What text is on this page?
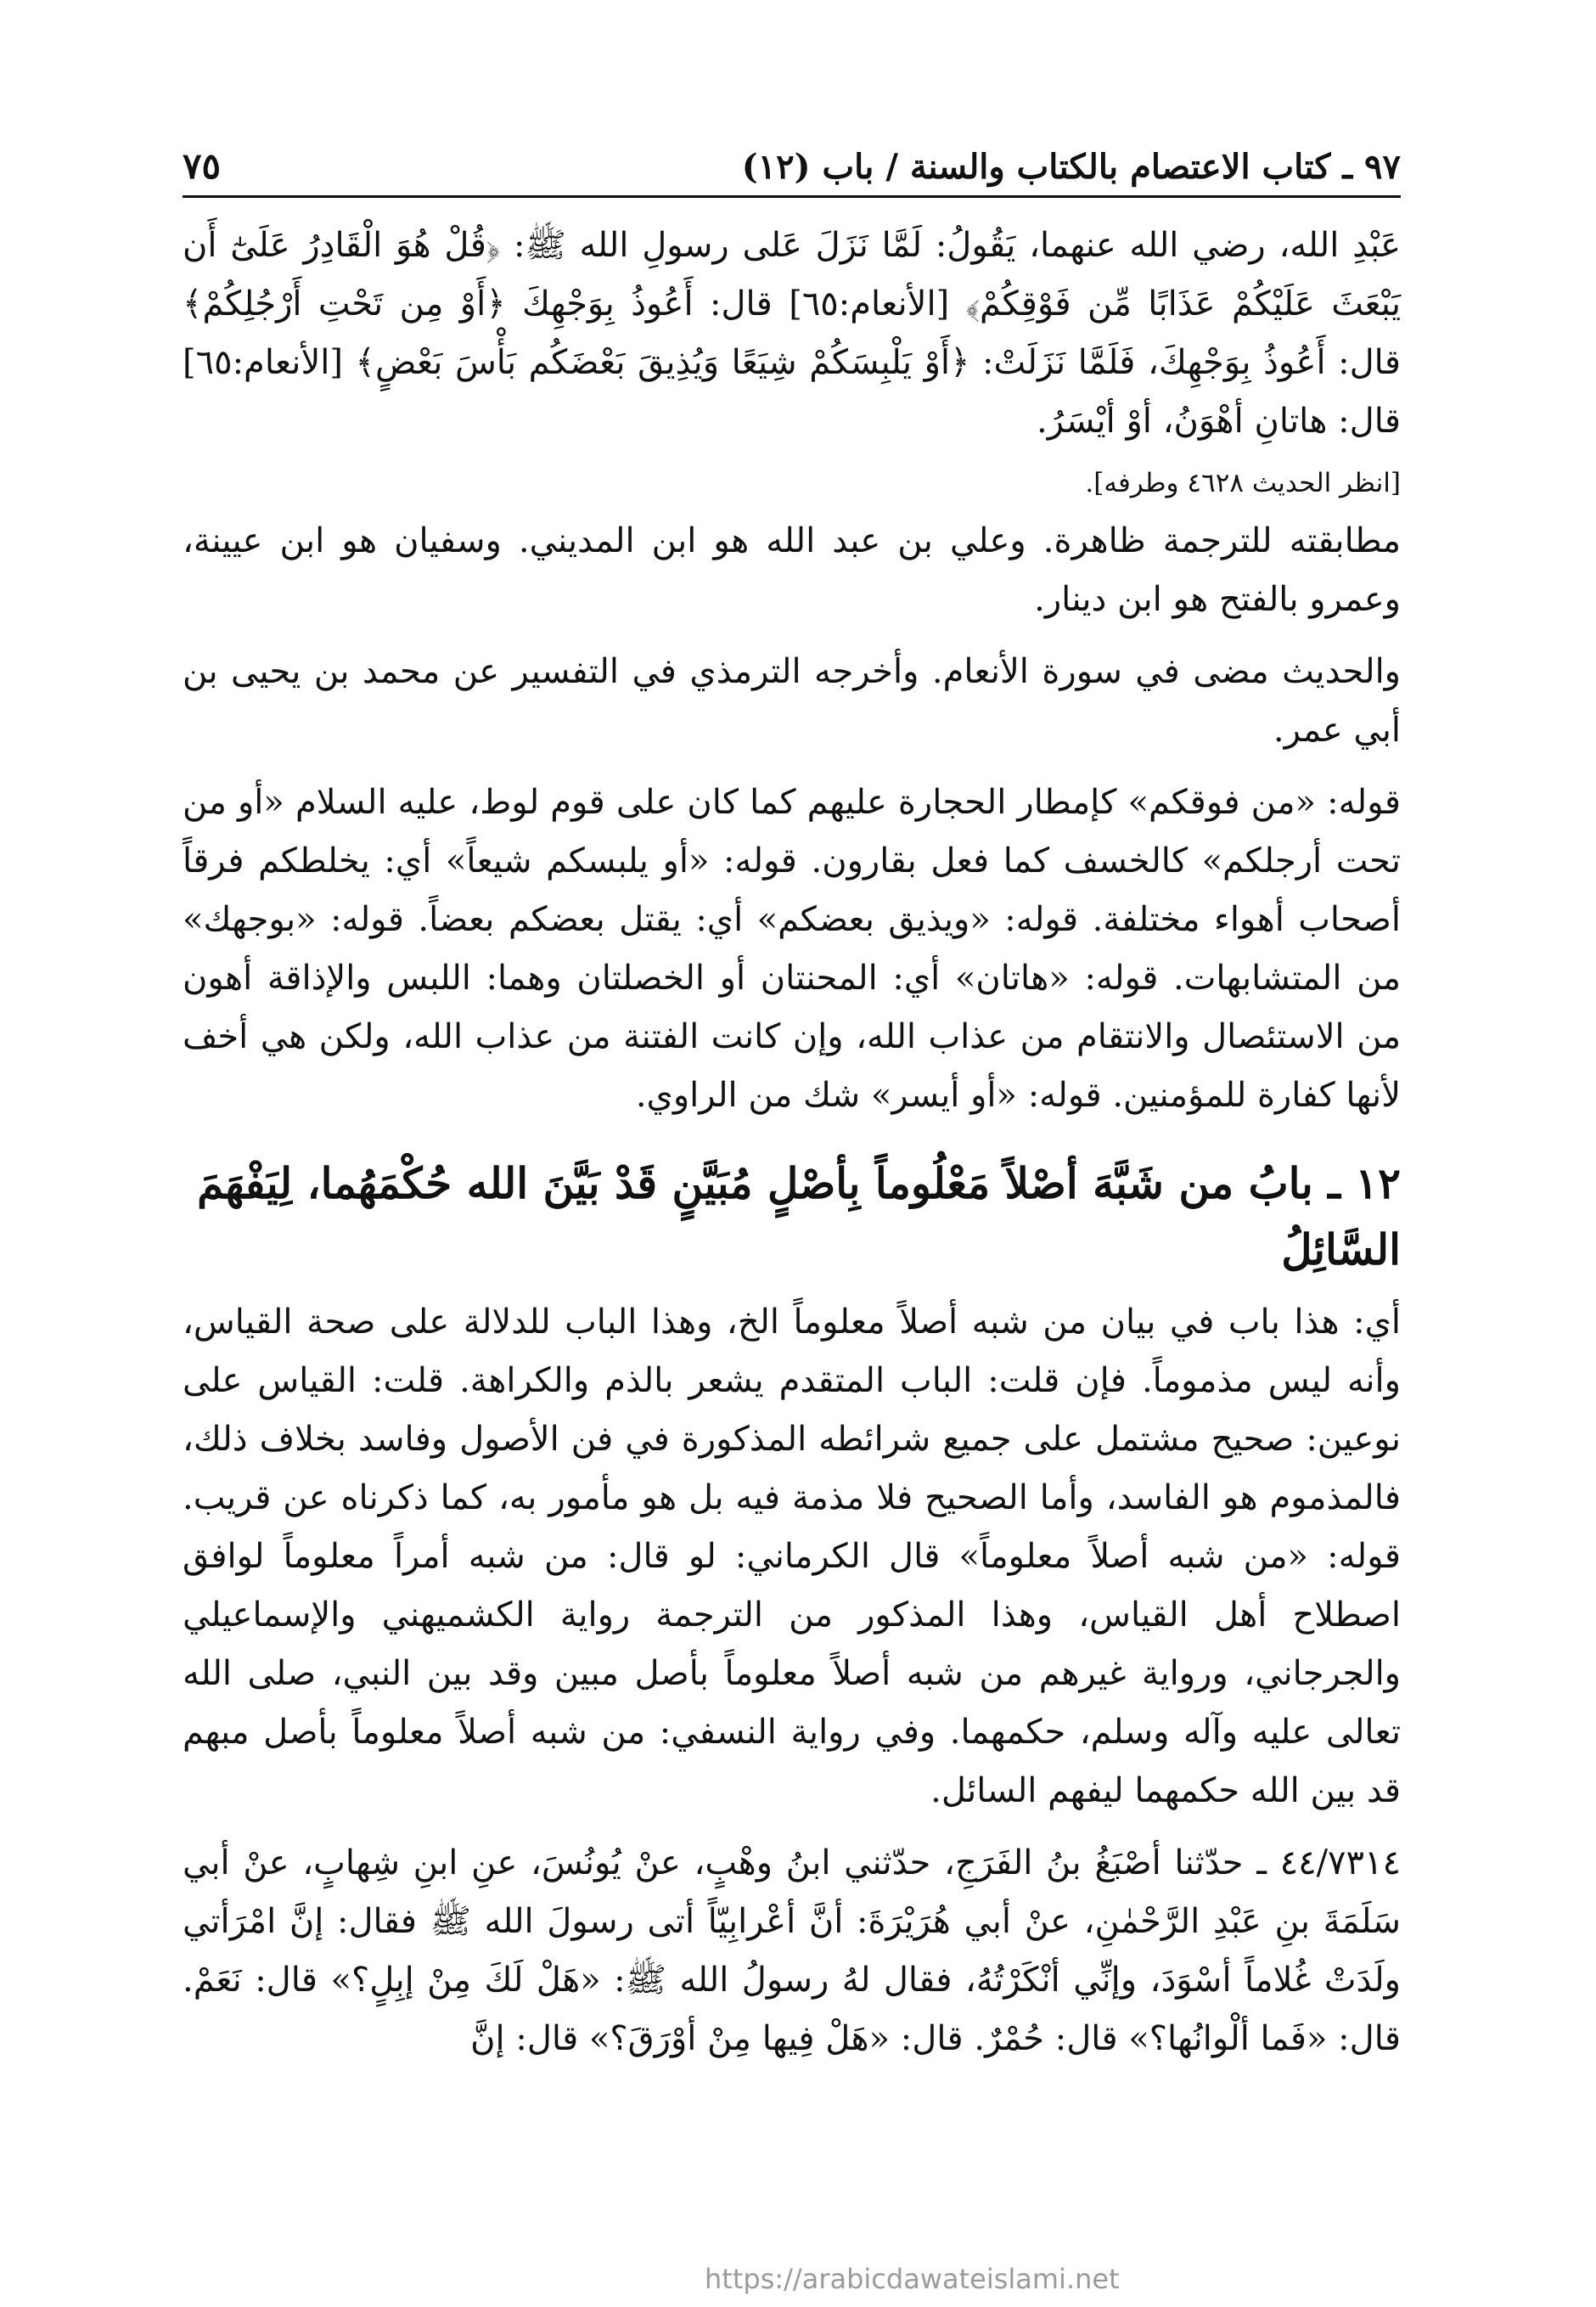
٩٧ ـ كتاب الاعتصام بالكتاب والسنة / باب (١٢)
٧٥

عَبْدِ الله، رضي الله عنهما، يَقُولُ: لَمَّا نَزَلَ عَلى رسولِ الله ﷺ: ﴿قُلْ هُوَ الْقَادِرُ عَلَىٰٓ أَن يَبْعَثَ عَلَيْكُمْ عَذَابًا مِّن فَوْقِكُمْ﴾ [الأنعام:٦٥] قال: أَعُوذُ بِوَجْهِكَ ﴿أَوْ مِن تَحْتِ أَرْجُلِكُمْ﴾ قال: أَعُوذُ بِوَجْهِكَ، فَلَمَّا نَزَلَتْ: ﴿أَوْ يَلْبِسَكُمْ شِيَعًا وَيُذِيقَ بَعْضَكُم بَأْسَ بَعْضٍ﴾ [الأنعام:٦٥] قال: هاتانِ أهْوَنُ، أوْ أيْسَرُ.

[انظر الحديث ٤٦٢٨ وطرفه].

مطابقته للترجمة ظاهرة. وعلي بن عبد الله هو ابن المديني. وسفيان هو ابن عيينة، وعمرو بالفتح هو ابن دينار.

والحديث مضى في سورة الأنعام. وأخرجه الترمذي في التفسير عن محمد بن يحيى بن أبي عمر.

قوله: «من فوقكم» كإمطار الحجارة عليهم كما كان على قوم لوط، عليه السلام «أو من تحت أرجلكم» كالخسف كما فعل بقارون. قوله: «أو يلبسكم شيعاً» أي: يخلطكم فرقاً أصحاب أهواء مختلفة. قوله: «ويذيق بعضكم» أي: يقتل بعضكم بعضاً. قوله: «بوجهك» من المتشابهات. قوله: «هاتان» أي: المحنتان أو الخصلتان وهما: اللبس والإذاقة أهون من الاستئصال والانتقام من عذاب الله، وإن كانت الفتنة من عذاب الله، ولكن هي أخف لأنها كفارة للمؤمنين. قوله: «أو أيسر» شك من الراوي.

١٢ ـ بابُ من شَبَّهَ أصْلاً مَعْلُوماً بِأصْلٍ مُبَيَّنٍ قَدْ بَيَّنَ الله حُكْمَهُما، لِيَفْهَمَ السَّائِلُ

أي: هذا باب في بيان من شبه أصلاً معلوماً الخ، وهذا الباب للدلالة على صحة القياس، وأنه ليس مذموماً. فإن قلت: الباب المتقدم يشعر بالذم والكراهة. قلت: القياس على نوعين: صحيح مشتمل على جميع شرائطه المذكورة في فن الأصول وفاسد بخلاف ذلك، فالمذموم هو الفاسد، وأما الصحيح فلا مذمة فيه بل هو مأمور به، كما ذكرناه عن قريب. قوله: «من شبه أصلاً معلوماً» قال الكرماني: لو قال: من شبه أمراً معلوماً لوافق اصطلاح أهل القياس، وهذا المذكور من الترجمة رواية الكشميهني والإسماعيلي والجرجاني، ورواية غيرهم من شبه أصلاً معلوماً بأصل مبين وقد بين النبي، صلى الله تعالى عليه وآله وسلم، حكمهما. وفي رواية النسفي: من شبه أصلاً معلوماً بأصل مبهم قد بين الله حكمهما ليفهم السائل.

٤٤/٧٣١٤ ـ حدّثنا أصْبَغُ بنُ الفَرَجِ، حدّثني ابنُ وهْبٍ، عنْ يُونُسَ، عنِ ابنِ شِهابٍ، عنْ أبي سَلَمَةَ بنِ عَبْدِ الرَّحْمٰنِ، عنْ أبي هُرَيْرَةَ: أنَّ أعْرابِيّاً أتى رسولَ الله ﷺ فقال: إنَّ امْرَأتي ولَدَتْ غُلاماً أسْوَدَ، وإنِّي أنْكَرْتُهُ، فقال لهُ رسولُ الله ﷺ: «هَلْ لَكَ مِنْ إبِلٍ؟» قال: نَعَمْ. قال: «فَما ألْوانُها؟» قال: حُمْرٌ. قال: «هَلْ فِيها مِنْ أوْرَقَ؟» قال: إنَّ

https://arabicdawateislami.net
